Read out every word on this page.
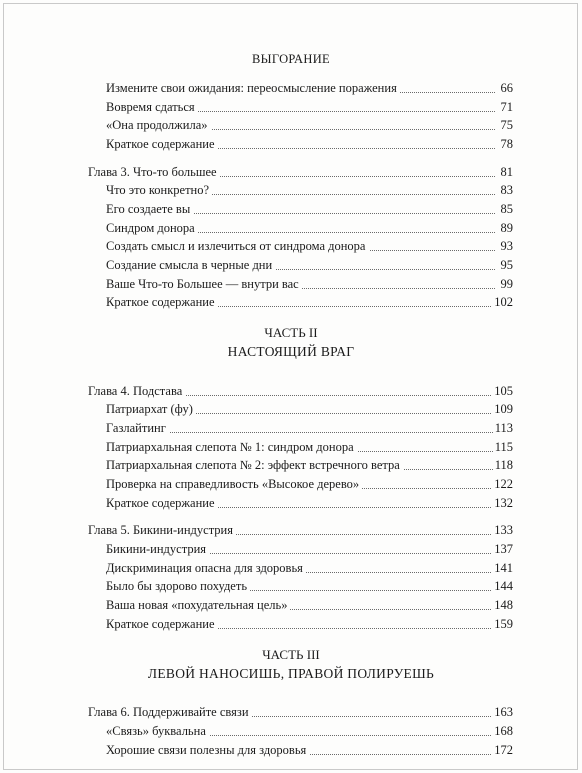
ВЫГОРАНИЕ
Измените свои ожидания: переосмысление поражения	66
Вовремя сдаться	71
«Она продолжила»	75
Краткое содержание	78
Глава 3. Что-то большее	81
Что это конкретно?	83
Его создаете вы	85
Синдром донора	89
Создать смысл и излечиться от синдрома донора	93
Создание смысла в черные дни	95
Ваше Что-то Большее — внутри вас	99
Краткое содержание	102
ЧАСТЬ II
НАСТОЯЩИЙ ВРАГ
Глава 4. Подстава	105
Патриархат (фу)	109
Газлайтинг	113
Патриархальная слепота № 1: синдром донора	115
Патриархальная слепота № 2: эффект встречного ветра	118
Проверка на справедливость «Высокое дерево»	122
Краткое содержание	132
Глава 5. Бикини-индустрия	133
Бикини-индустрия	137
Дискриминация опасна для здоровья	141
Было бы здорово похудеть	144
Ваша новая «похудательная цель»	148
Краткое содержание	159
ЧАСТЬ III
ЛЕВОЙ НАНОСИШЬ, ПРАВОЙ ПОЛИРУЕШЬ
Глава 6. Поддерживайте связи	163
«Связь» буквальна	168
Хорошие связи полезны для здоровья	172
